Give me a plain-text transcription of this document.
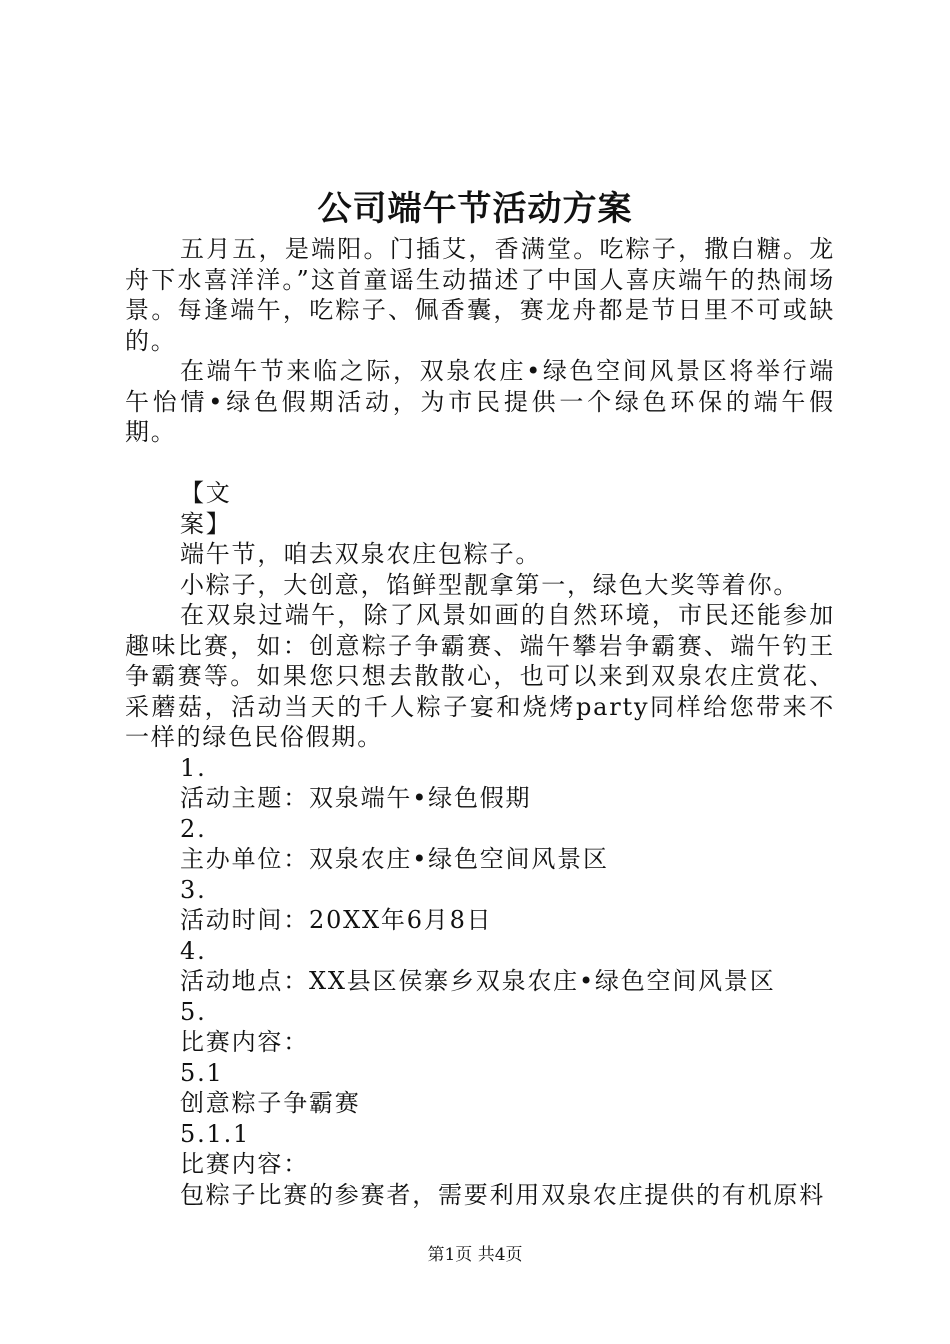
公司端午节活动方案

五月五，是端阳。门插艾，香满堂。吃粽子，撒白糖。龙舟下水喜洋洋。”这首童谣生动描述了中国人喜庆端午的热闹场景。每逢端午，吃粽子、佩香囊，赛龙舟都是节日里不可或缺的。

在端午节来临之际，双泉农庄•绿色空间风景区将举行端午怡情•绿色假期活动，为市民提供一个绿色环保的端午假期。

【文

案】

端午节，咱去双泉农庄包粽子。

小粽子，大创意，馅鲜型靓拿第一，绿色大奖等着你。

在双泉过端午，除了风景如画的自然环境，市民还能参加趣味比赛，如：创意粽子争霸赛、端午攀岩争霸赛、端午钓王争霸赛等。如果您只想去散散心，也可以来到双泉农庄赏花、采蘑菇，活动当天的千人粽子宴和烧烤party同样给您带来不一样的绿色民俗假期。

1.

活动主题：双泉端午•绿色假期

2.

主办单位：双泉农庄•绿色空间风景区

3.

活动时间：20XX年6月8日

4.

活动地点：XX县区侯寨乡双泉农庄•绿色空间风景区

5.

比赛内容：

5.1

创意粽子争霸赛

5.1.1

比赛内容：

包粽子比赛的参赛者，需要利用双泉农庄提供的有机原料

第1页 共4页
